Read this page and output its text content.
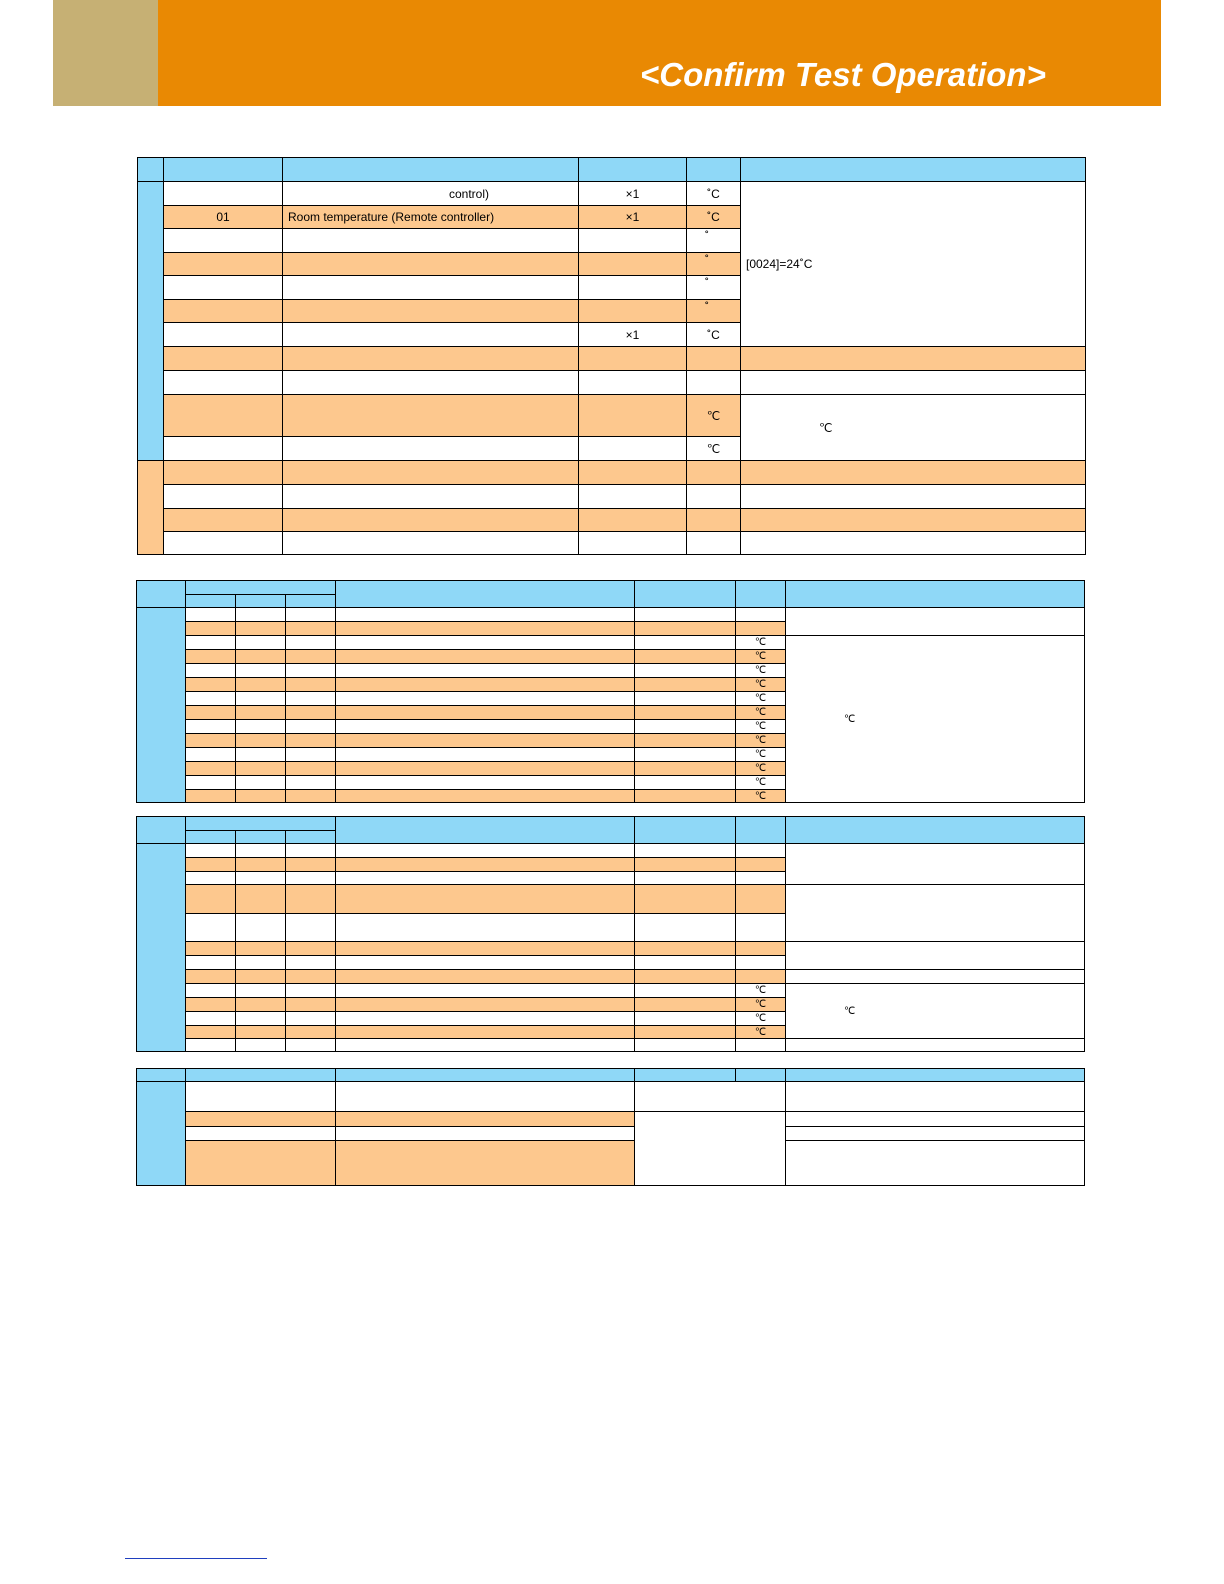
<Confirm Test Operation>

		control)	×1	˚C	[0024]=24˚C
	01	Room temperature (Remote controller)	×1	˚C	
				˚	
				˚	
				˚	
				˚	
			×1	˚C	

				℃	℃
				℃	

						℃	℃
						℃	
						℃	
						℃	
						℃	
						℃	
						℃	
						℃	
						℃	
						℃	
						℃	
						℃	

						℃	℃
						℃	
						℃	
						℃	
